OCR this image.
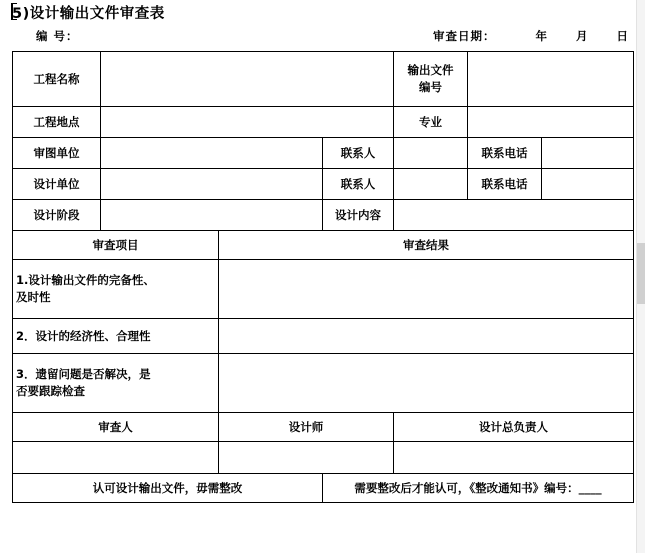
5)设计输出文件审查表
编 号：	审查日期：	年 月 日
工程名称				输出文件
编号		

工程地点				专业		
审图单位			联系人		联系电话	
设计单位			联系人		联系电话	
设计阶段			设计内容			
审查项目		审查结果				

1.设计输出文件的完备性、
及时性						

2．设计的经济性、合理性						

3．遗留问题是否解决，是
否要跟踪检查						

审查人		设计师		设计总负责人		

认可设计输出文件，毋需整改			需要整改后才能认可，《整改通知书》编号：____			
